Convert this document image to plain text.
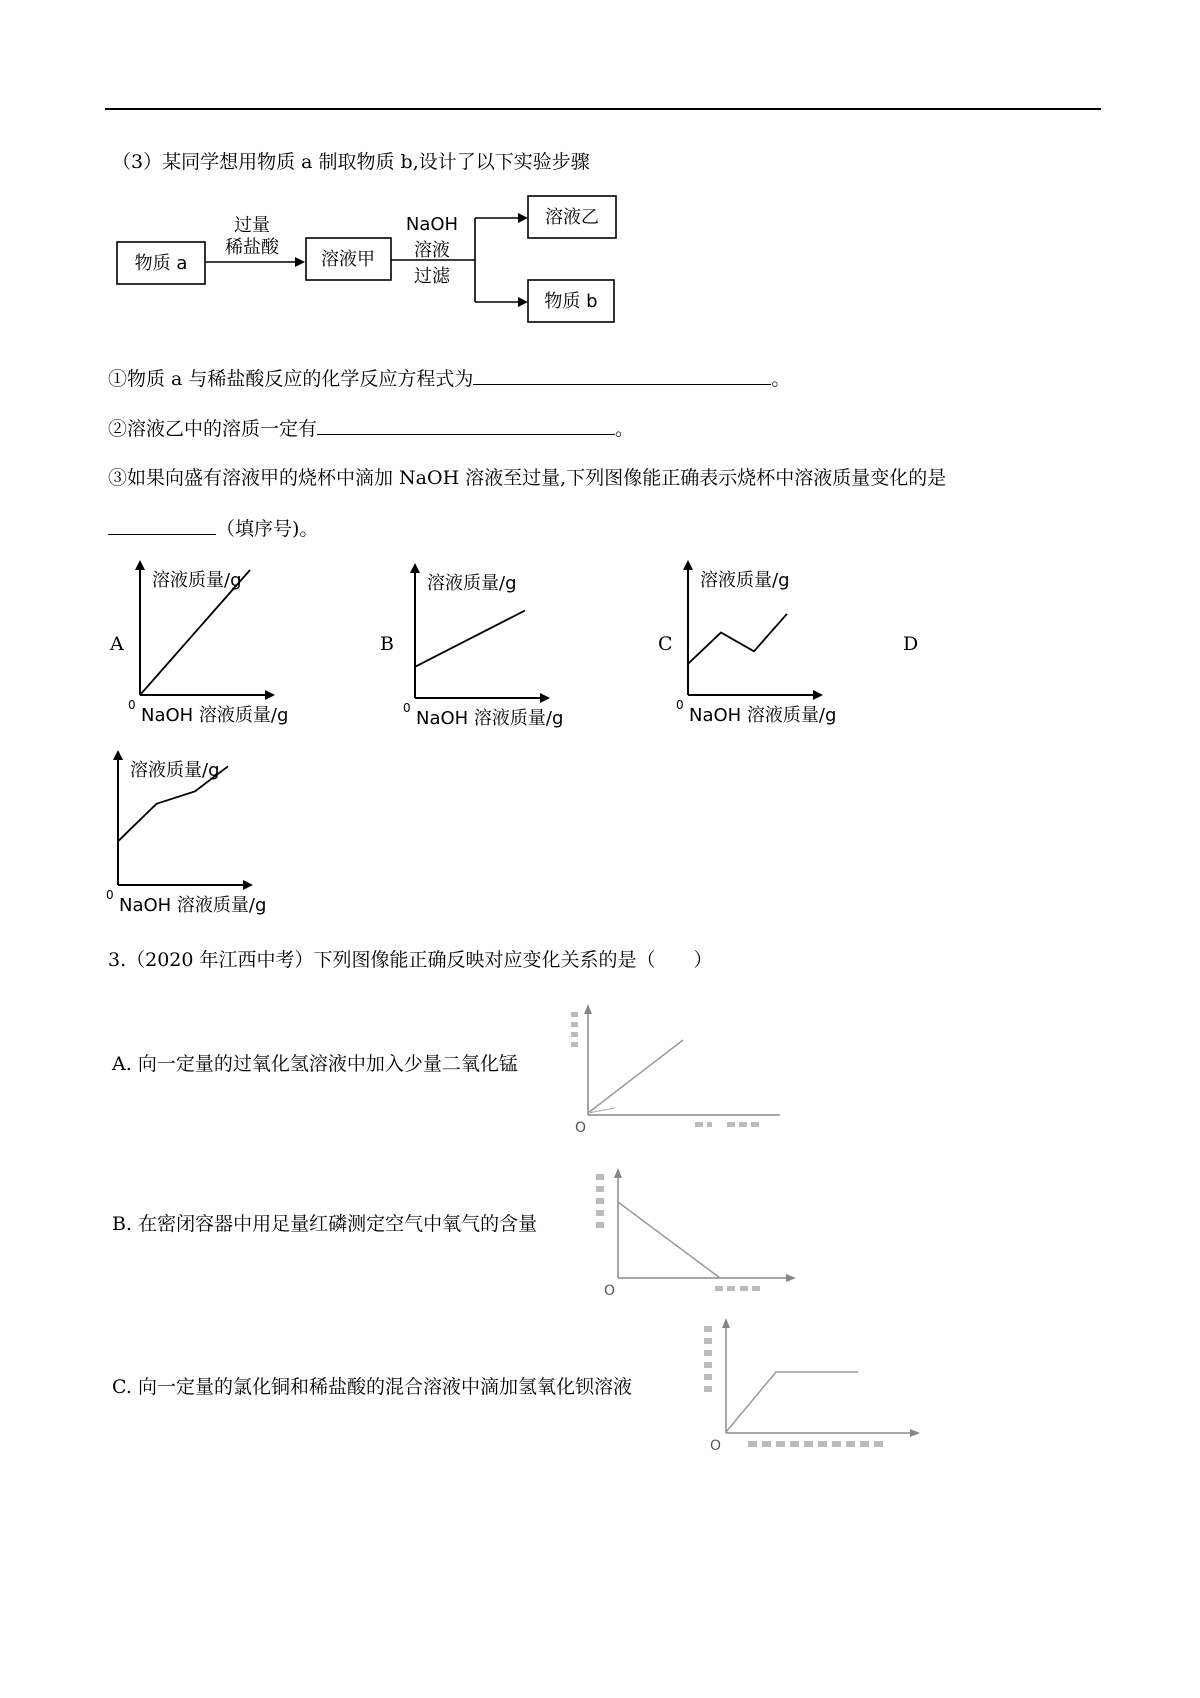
（3）某同学想用物质 a 制取物质 b,设计了以下实验步骤
物质 a
过量
稀盐酸
溶液甲
NaOH
溶液
过滤
溶液乙
物质 b
①物质 a 与稀盐酸反应的化学反应方程式为	。
②溶液乙中的溶质一定有	。
③如果向盛有溶液甲的烧杯中滴加 NaOH 溶液至过量,下列图像能正确表示烧杯中溶液质量变化的是
（填序号)。
A	B	C	D
溶液质量/g
NaOH 溶液质量/g
0
溶液质量/g
NaOH 溶液质量/g
0
溶液质量/g
NaOH 溶液质量/g
0
溶液质量/g
NaOH 溶液质量/g
0
3.（2020 年江西中考）下列图像能正确反映对应变化关系的是（　　）
A. 向一定量的过氧化氢溶液中加入少量二氧化锰
B. 在密闭容器中用足量红磷测定空气中氧气的含量
C. 向一定量的氯化铜和稀盐酸的混合溶液中滴加氢氧化钡溶液
O
O
O
